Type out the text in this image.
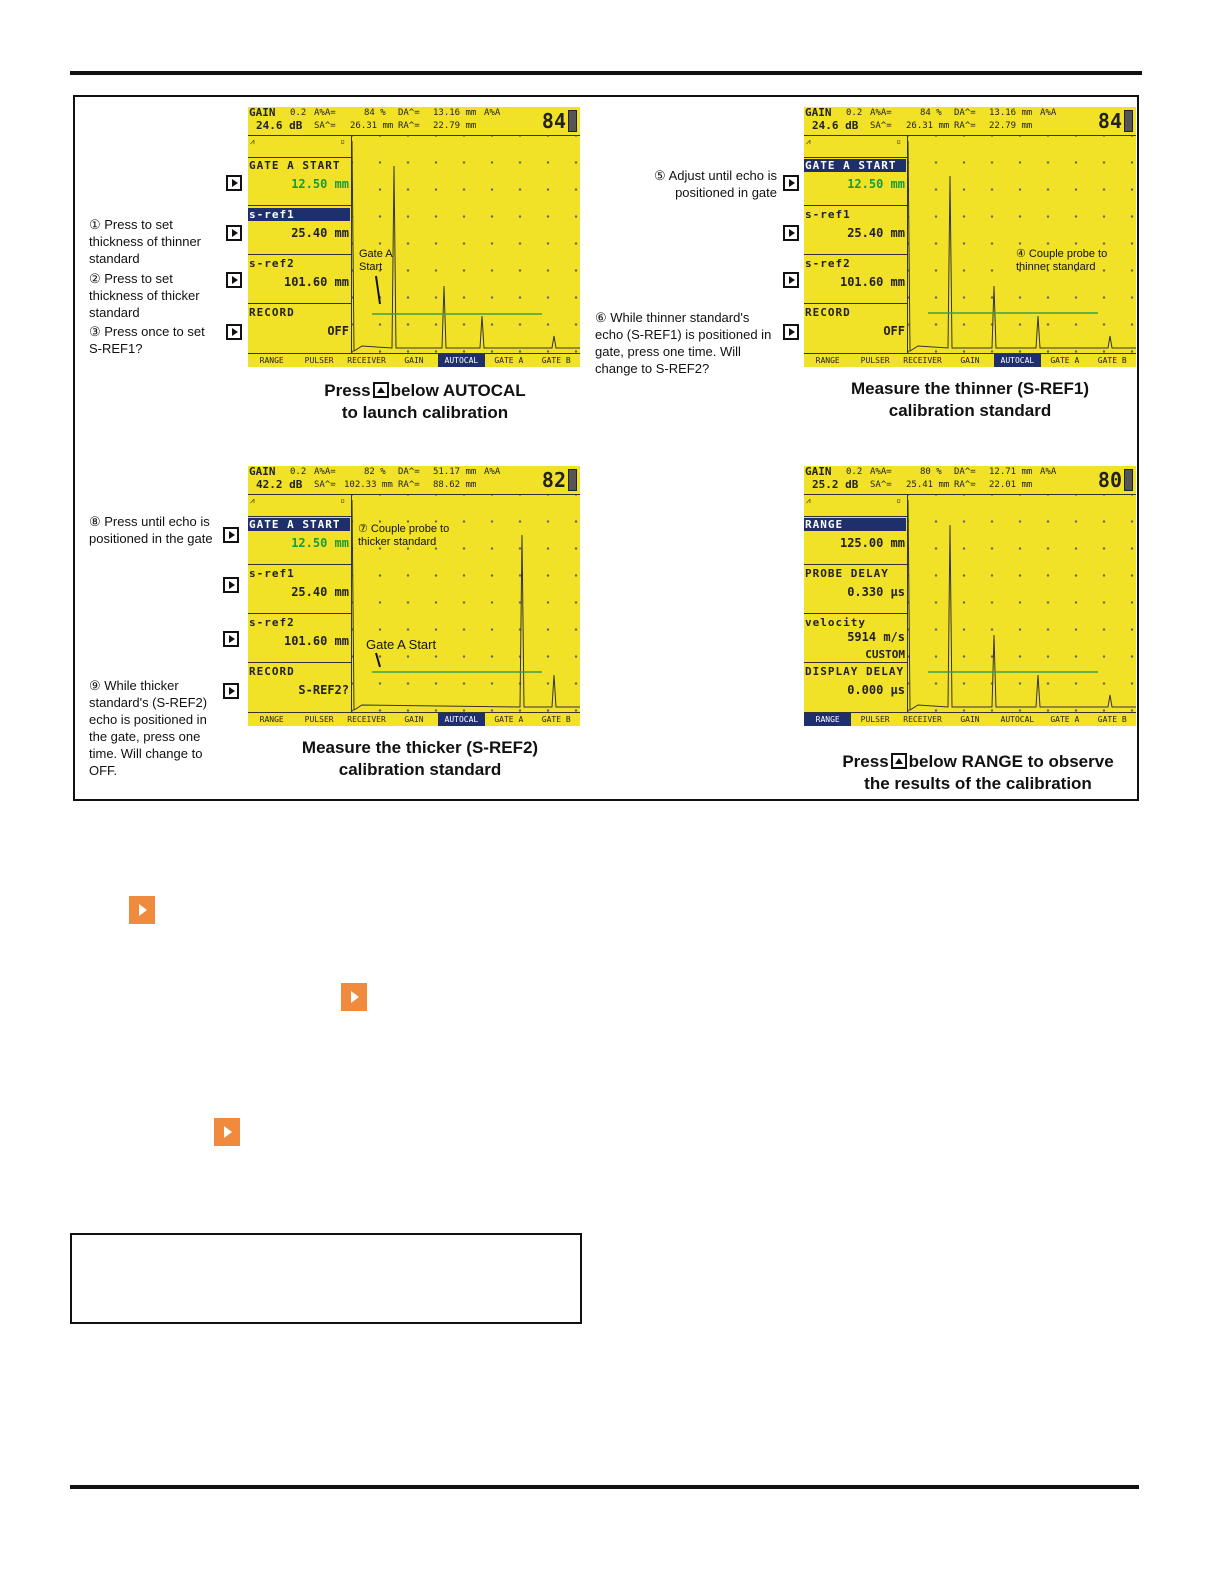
GAIN 0.2
24.6 dB
A%A=	84 % DA^= 13.16 mm A%A
SA^= 26.31 mm RA^= 22.79 mm	84
⩘	▫
GATE A START
12.50 mm
s-ref1
25.40 mm
s-ref2
101.60 mm
RECORD
OFF
Gate A Start
RANGE	PULSER	RECEIVER	GAIN	AUTOCAL	GATE A	GATE B
GAIN 0.2
24.6 dB
A%A=	84 % DA^= 13.16 mm A%A
SA^= 26.31 mm RA^= 22.79 mm	84
⩘	▫
GATE A START
12.50 mm
s-ref1
25.40 mm
s-ref2
101.60 mm
RECORD
OFF
④ Couple probe to thinner standard
RANGE	PULSER	RECEIVER	GAIN	AUTOCAL	GATE A	GATE B
GAIN 0.2
42.2 dB
A%A=	82 % DA^= 51.17 mm A%A
SA^= 102.33 mm RA^= 88.62 mm	82
⩘	▫
GATE A START
12.50 mm
s-ref1
25.40 mm
s-ref2
101.60 mm
RECORD
S-REF2?
⑦ Couple probe to thicker standard
Gate A Start
RANGE	PULSER	RECEIVER	GAIN	AUTOCAL	GATE A	GATE B
GAIN 0.2
25.2 dB
A%A=	80 % DA^= 12.71 mm A%A
SA^= 25.41 mm RA^= 22.01 mm	80
⩘	▫
RANGE
125.00 mm
PROBE DELAY
0.330 µs
velocity
5914 m/s
CUSTOM
DISPLAY DELAY
0.000 µs
RANGE	PULSER	RECEIVER	GAIN	AUTOCAL	GATE A	GATE B
① Press to set thickness of thinner standard
② Press to set thickness of thicker standard
③ Press once to set S-REF1?
⑤ Adjust until echo is positioned in gate
⑥ While thinner standard's echo (S-REF1) is positioned in gate, press one time. Will change to S-REF2?
⑧ Press until echo is positioned in the gate
⑨ While thicker standard's (S-REF2) echo is positioned in the gate, press one time. Will change to OFF.
Press below AUTOCAL
to launch calibration
Measure the thinner (S-REF1)
calibration standard
Measure the thicker (S-REF2)
calibration standard	Press below RANGE to observe
the results of the calibration
